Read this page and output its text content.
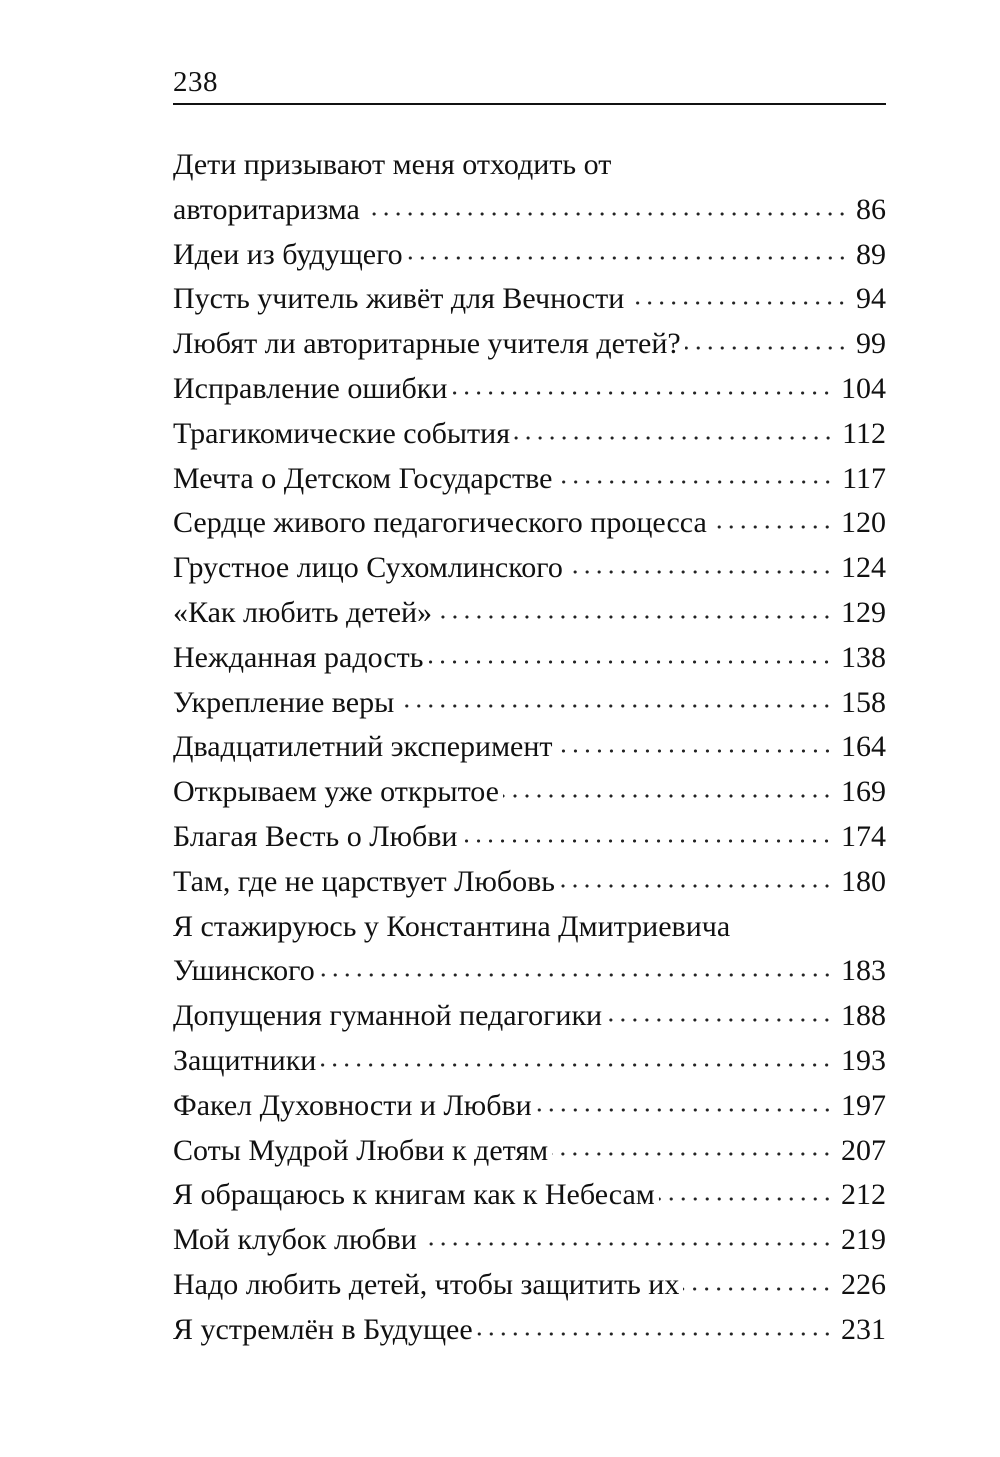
238
Дети призывают меня отходить от
авторитаризма	86
Идеи из будущего	89
Пусть учитель живёт для Вечности	94
Любят ли авторитарные учителя детей?	99
Исправление ошибки	104
Трагикомические события	112
Мечта о Детском Государстве	117
Сердце живого педагогического процесса	120
Грустное лицо Сухомлинского	124
«Как любить детей»	129
Нежданная радость	138
Укрепление веры	158
Двадцатилетний эксперимент	164
Открываем уже открытое	169
Благая Весть о Любви	174
Там, где не царствует Любовь	180
Я стажируюсь у Константина Дмитриевича
Ушинского	183
Допущения гуманной педагогики	188
Защитники	193
Факел Духовности и Любви	197
Соты Мудрой Любви к детям	207
Я обращаюсь к книгам как к Небесам	212
Мой клубок любви	219
Надо любить детей, чтобы защитить их	226
Я устремлён в Будущее	231
